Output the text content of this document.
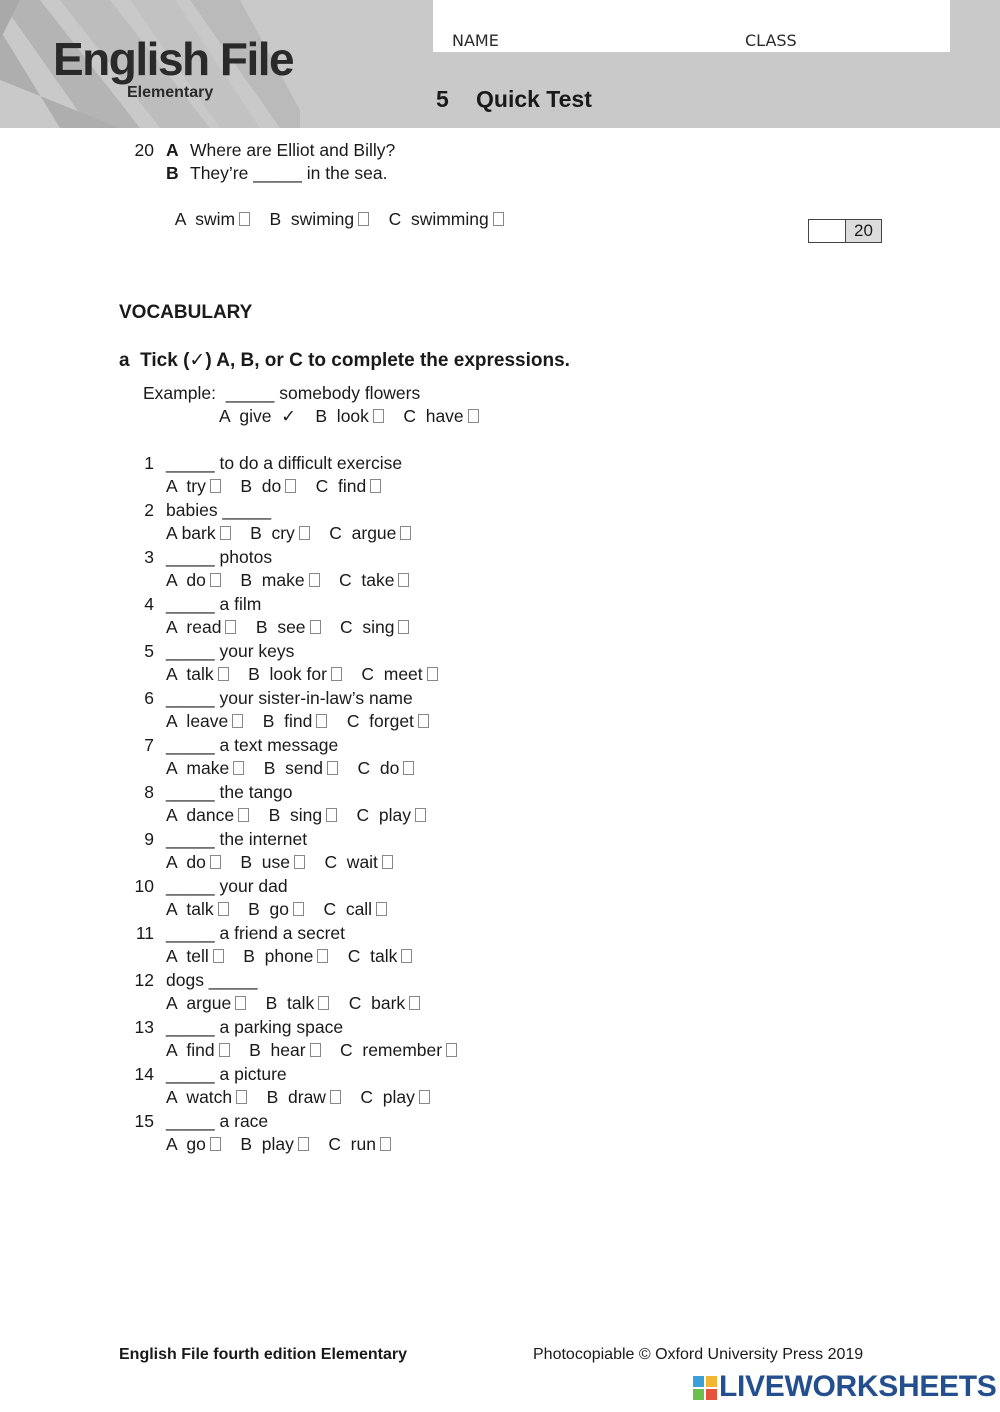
English File
Elementary
NAME	CLASS
5 Quick Test
20 A Where are Elliot and Billy?
B They’re _____ in the sea.

A  swim B  swiming C  swimming

20
VOCABULARY
a Tick (✓) A, B, or C to complete the expressions.
Example: _____ somebody flowers
A  give ✓ B  look C  have
1 _____ to do a difficult exercise
A  try B  do C  find
2 babies _____
A bark B  cry C  argue
3 _____ photos
A  do B  make C  take
4 _____ a film
A  read B  see C  sing
5 _____ your keys
A  talk B  look for C  meet
6 _____ your sister-in-law’s name
A  leave B  find C  forget
7 _____ a text message
A  make B  send C  do
8 _____ the tango
A  dance B  sing C  play
9 _____ the internet
A  do B  use C  wait
10 _____ your dad
A  talk B  go C  call
11 _____ a friend a secret
A  tell B  phone C  talk
12 dogs _____
A  argue B  talk C  bark
13 _____ a parking space
A  find B  hear C  remember
14 _____ a picture
A  watch B  draw C  play
15 _____ a race
A  go B  play C  run
English File fourth edition Elementary	Photocopiable © Oxford University Press 2019
LIVEWORKSHEETS
